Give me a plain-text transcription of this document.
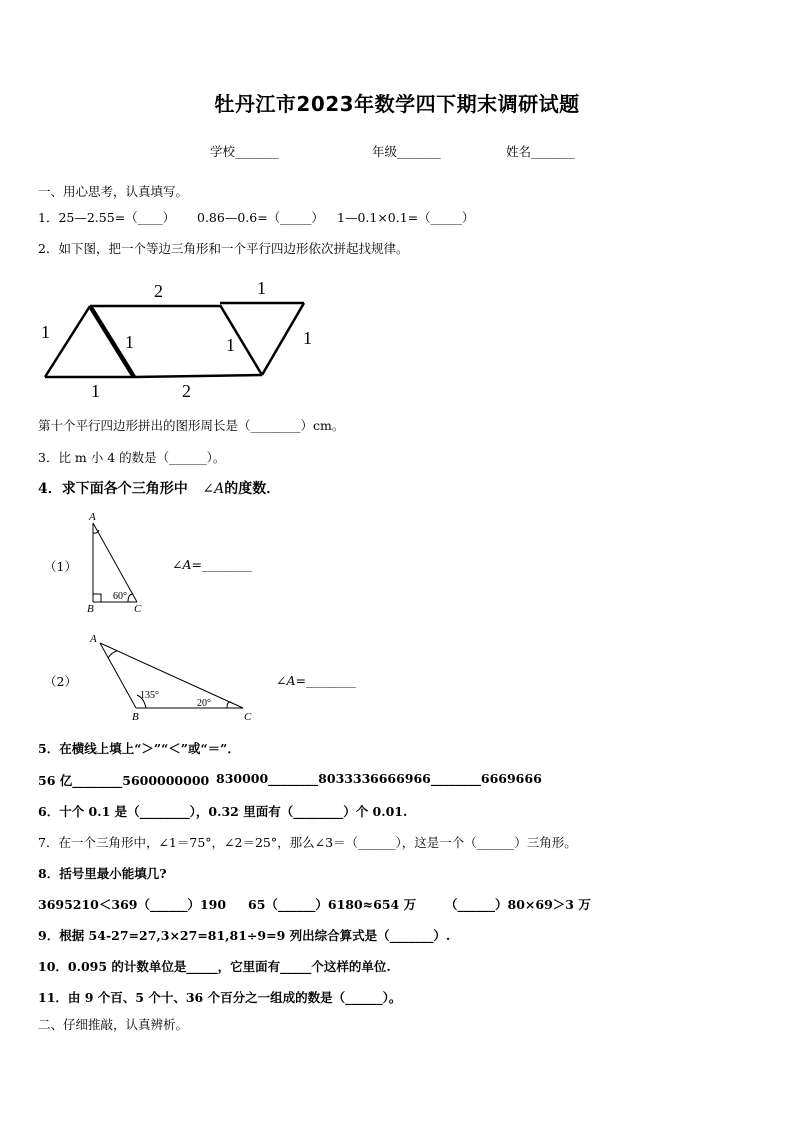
牡丹江市2023年数学四下期末调研试题
学校_______	年级_______	姓名_______
一、用心思考，认真填写。
1．25—2.55=（____） 0.86—0.6=（_____） 1—0.1×0.1=（_____）
2．如下图，把一个等边三角形和一个平行四边形依次拼起找规律。
2	1
1	1	1	1
1	2
第十个平行四边形拼出的图形周长是（________）cm。
3．比 m 小 4 的数是（______）。
4．求下面各个三角形中 ∠A的度数．
（1）
A
B	C
60°
∠A=________
（2）
A
B	C
135°
20°
∠A=________
5．在横线上填上“＞”“＜”或“＝”．
56 亿________5600000000 830000________803333 6666966________6669666
6．十个 0.1 是（________），0.32 里面有（________）个 0.01.
7．在一个三角形中，∠1＝75°，∠2＝25°，那么∠3＝（______），这是一个（______）三角形。
8．括号里最小能填几?
3695210＜369（______）190 65（______）6180≈654 万 （______）80×69＞3 万
9．根据 54-27=27,3×27=81,81÷9=9 列出综合算式是（_______）.
10．0.095 的计数单位是_____，它里面有_____个这样的单位.
11．由 9 个百、5 个十、36 个百分之一组成的数是（______）。
二、仔细推敲，认真辨析。
